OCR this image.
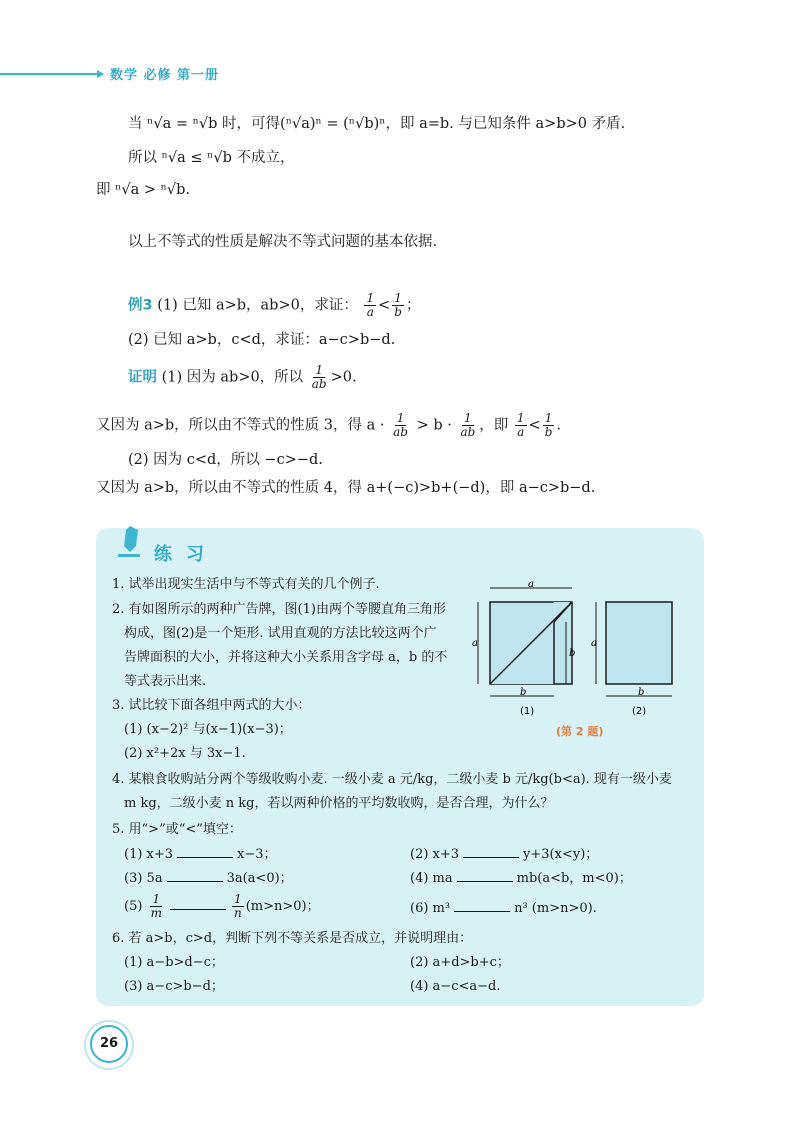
数学 必修 第一册
当 ⁿ√a = ⁿ√b 时，可得(ⁿ√a)ⁿ = (ⁿ√b)ⁿ，即 a=b. 与已知条件 a>b>0 矛盾.
所以 ⁿ√a ≤ ⁿ√b 不成立，
即 ⁿ√a > ⁿ√b.
以上不等式的性质是解决不等式问题的基本依据.
例3 (1) 已知 a>b，ab>0，求证： $\frac{1}{a} < \frac{1}{b}$ ；
(2) 已知 a>b，c<d，求证：a−c>b−d.
证明 (1) 因为 ab>0，所以 $\frac{1}{ab} >0$.
又因为 a>b，所以由不等式的性质 3，得 $a \cdot \frac{1}{ab} > b \cdot \frac{1}{ab}$ ，即 $\frac{1}{a} < \frac{1}{b}$ .
(2) 因为 c<d，所以 −c>−d.
又因为 a>b，所以由不等式的性质 4，得 a+(−c)>b+(−d)，即 a−c>b−d.
练习
1. 试举出现实生活中与不等式有关的几个例子.
2. 有如图所示的两种广告牌，图(1)由两个等腰直角三角形
构成，图(2)是一个矩形. 试用直观的方法比较这两个广
告牌面积的大小，并将这种大小关系用含字母 a，b 的不
等式表示出来.
a
a
b
b
(1)
a
b
(2)
(第 2 题)
3. 试比较下面各组中两式的大小：
(1) (x−2)² 与(x−1)(x−3)；
(2) x²+2x 与 3x−1.
4. 某粮食收购站分两个等级收购小麦. 一级小麦 a 元/kg，二级小麦 b 元/kg(b<a). 现有一级小麦
m kg，二级小麦 n kg，若以两种价格的平均数收购，是否合理，为什么？
5. 用“>”或“<”填空：
(1) x+3	x−3；	(2) x+3	y+3(x<y)；
(3) 5a	3a(a<0)；	(4) ma	mb(a<b，m<0)；
$(5) \frac{1}{m}$	$\frac{1}{n} (m>n>0)$；	(6) m³	n³ (m>n>0).
6. 若 a>b，c>d，判断下列不等关系是否成立，并说明理由：
(1) a−b>d−c；	(2) a+d>b+c；
(3) a−c>b−d；	(4) a−c<a−d.
26
